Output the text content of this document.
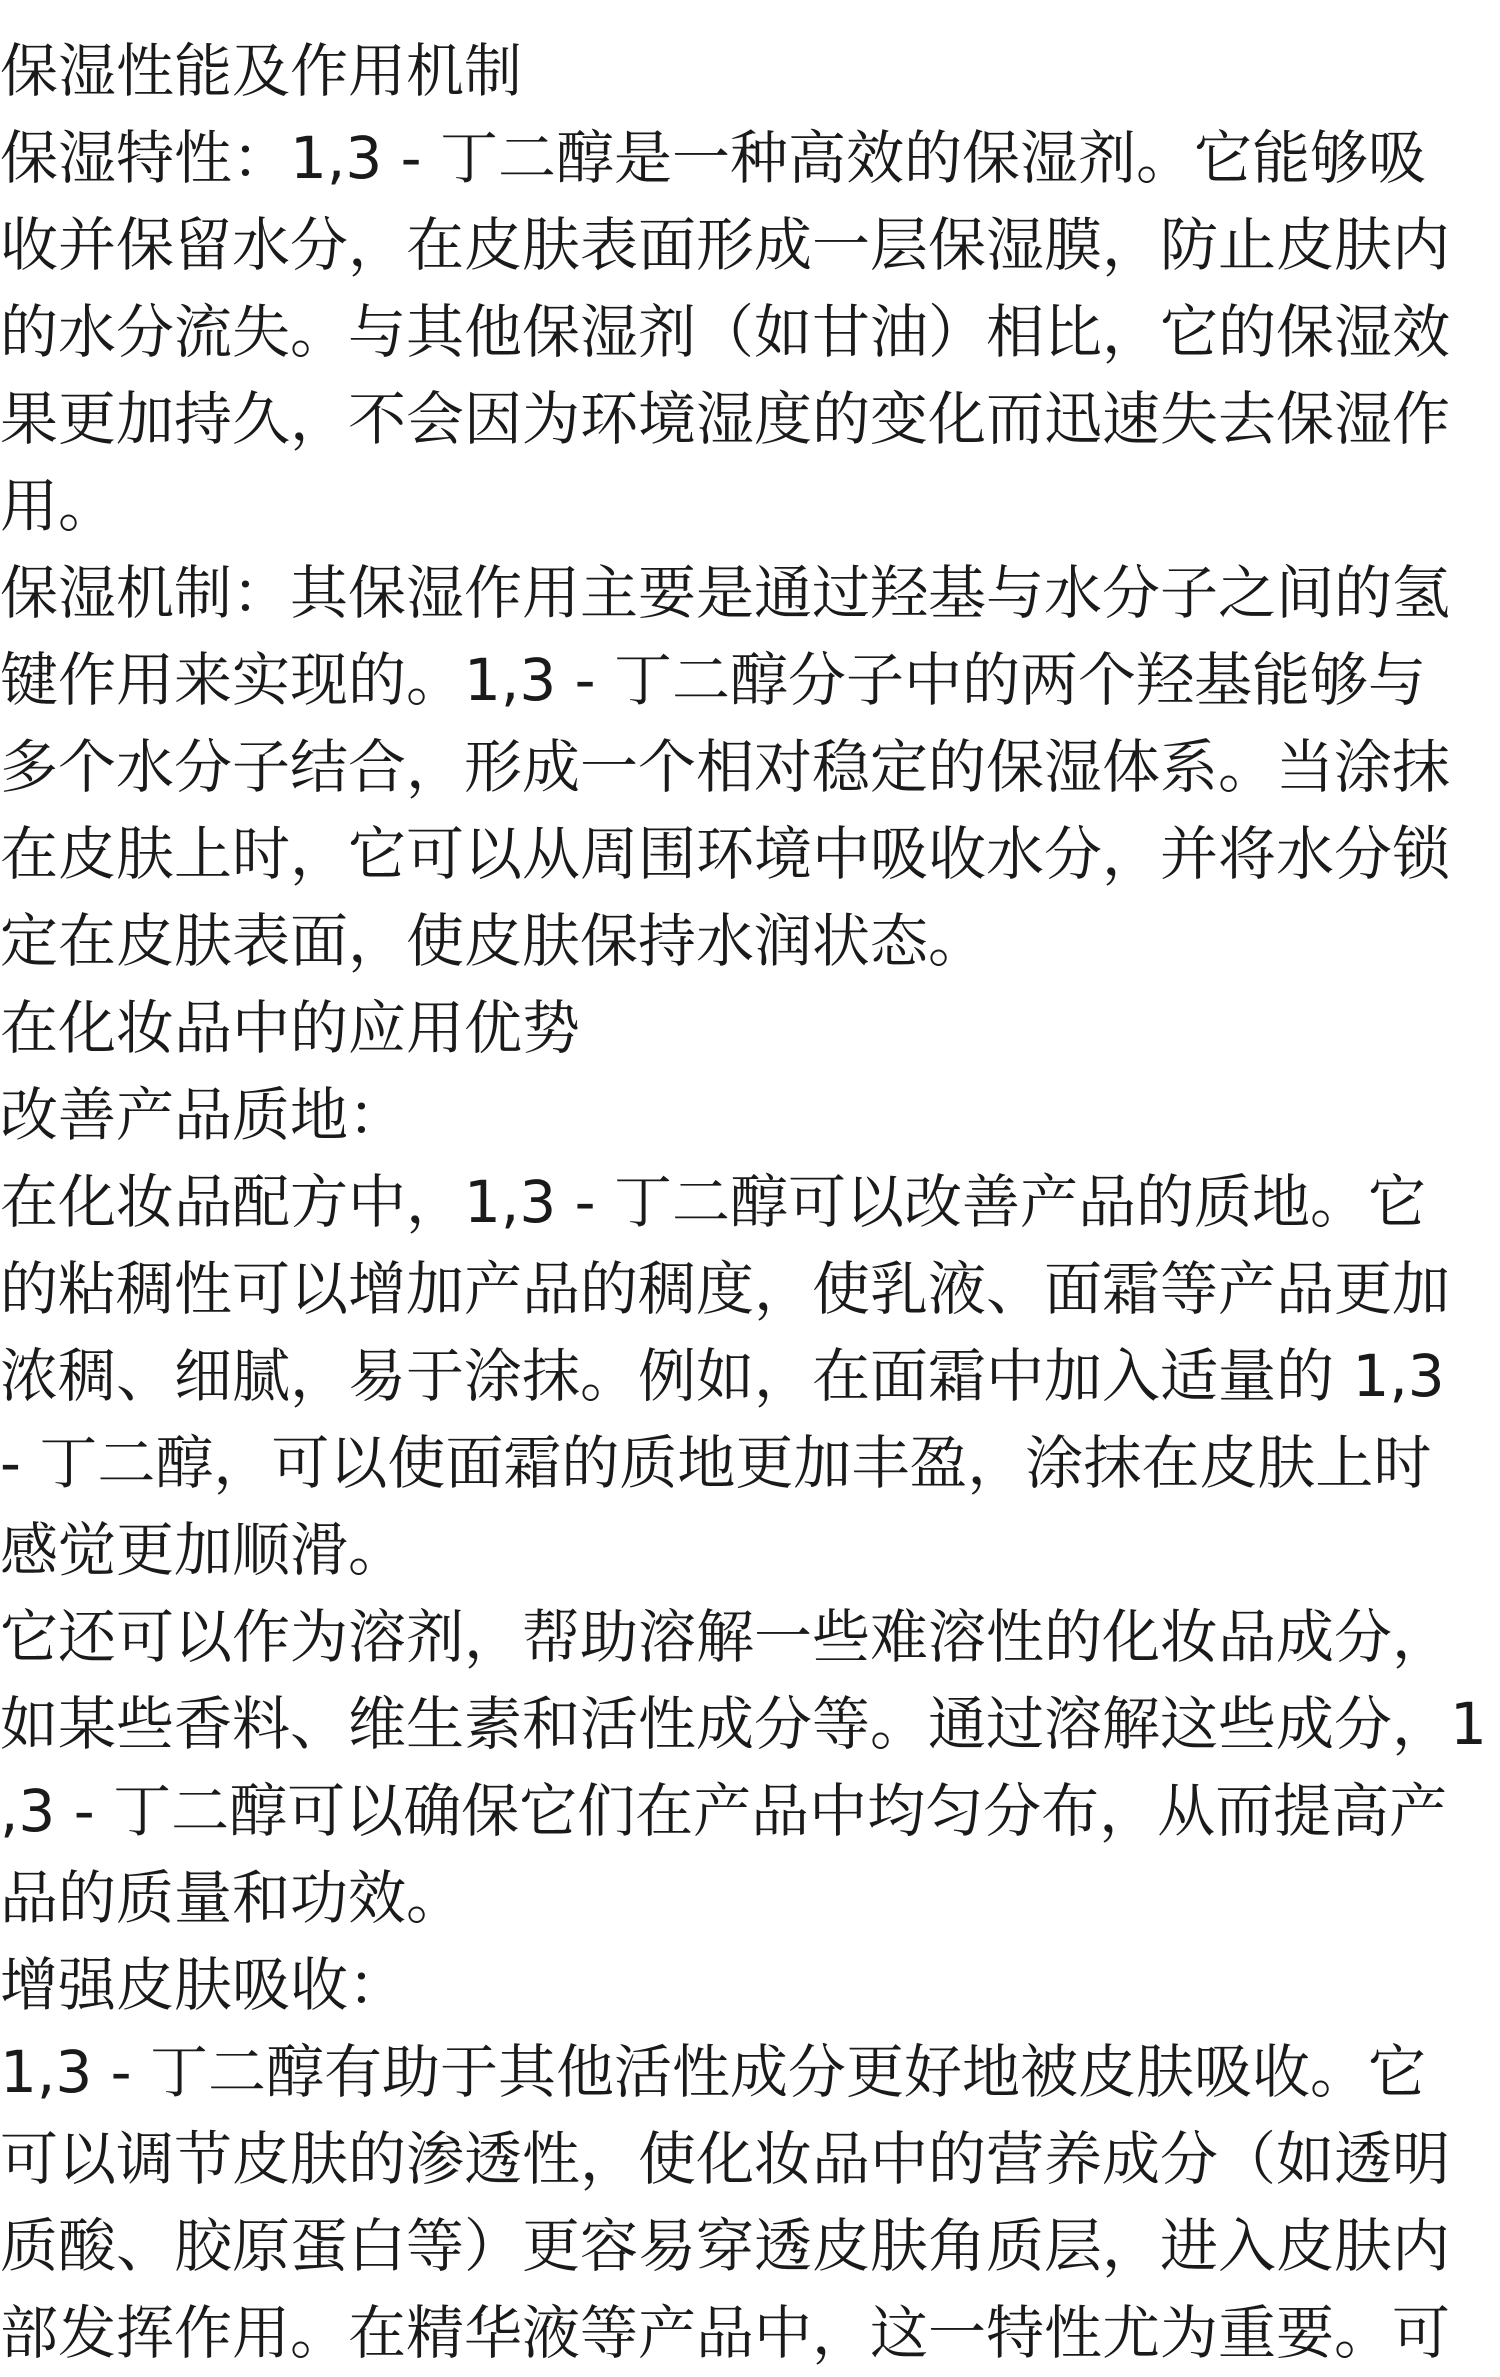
保湿性能及作用机制
保湿特性：1,3 - 丁二醇是一种高效的保湿剂。它能够吸
收并保留水分，在皮肤表面形成一层保湿膜，防止皮肤内
的水分流失。与其他保湿剂（如甘油）相比，它的保湿效
果更加持久，不会因为环境湿度的变化而迅速失去保湿作
用。
保湿机制：其保湿作用主要是通过羟基与水分子之间的氢
键作用来实现的。1,3 - 丁二醇分子中的两个羟基能够与
多个水分子结合，形成一个相对稳定的保湿体系。当涂抹
在皮肤上时，它可以从周围环境中吸收水分，并将水分锁
定在皮肤表面，使皮肤保持水润状态。
在化妆品中的应用优势
改善产品质地：
在化妆品配方中，1,3 - 丁二醇可以改善产品的质地。它
的粘稠性可以增加产品的稠度，使乳液、面霜等产品更加
浓稠、细腻，易于涂抹。例如，在面霜中加入适量的 1,3
- 丁二醇，可以使面霜的质地更加丰盈，涂抹在皮肤上时
感觉更加顺滑。
它还可以作为溶剂，帮助溶解一些难溶性的化妆品成分，
如某些香料、维生素和活性成分等。通过溶解这些成分，1
,3 - 丁二醇可以确保它们在产品中均匀分布，从而提高产
品的质量和功效。
增强皮肤吸收：
1,3 - 丁二醇有助于其他活性成分更好地被皮肤吸收。它
可以调节皮肤的渗透性，使化妆品中的营养成分（如透明
质酸、胶原蛋白等）更容易穿透皮肤角质层，进入皮肤内
部发挥作用。在精华液等产品中，这一特性尤为重要。可
